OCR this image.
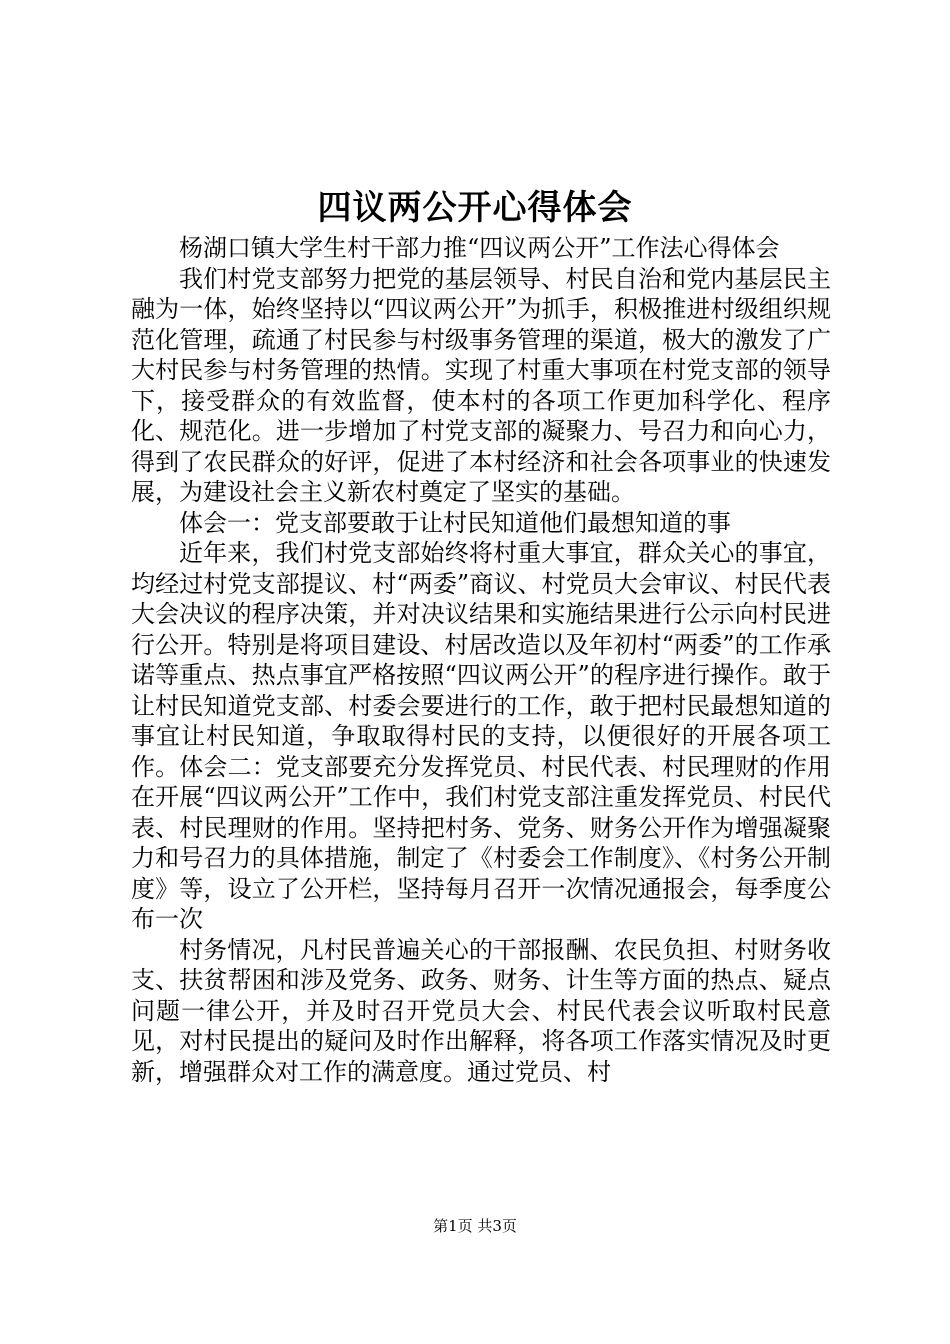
四议两公开心得体会

杨湖口镇大学生村干部力推“四议两公开”工作法心得体会

我们村党支部努力把党的基层领导、村民自治和党内基层民主融为一体，始终坚持以“四议两公开”为抓手，积极推进村级组织规范化管理，疏通了村民参与村级事务管理的渠道，极大的激发了广大村民参与村务管理的热情。实现了村重大事项在村党支部的领导下，接受群众的有效监督，使本村的各项工作更加科学化、程序化、规范化。进一步增加了村党支部的凝聚力、号召力和向心力，得到了农民群众的好评，促进了本村经济和社会各项事业的快速发展，为建设社会主义新农村奠定了坚实的基础。

体会一：党支部要敢于让村民知道他们最想知道的事

近年来，我们村党支部始终将村重大事宜，群众关心的事宜，均经过村党支部提议、村“两委”商议、村党员大会审议、村民代表大会决议的程序决策，并对决议结果和实施结果进行公示向村民进行公开。特别是将项目建设、村居改造以及年初村“两委”的工作承诺等重点、热点事宜严格按照“四议两公开”的程序进行操作。敢于让村民知道党支部、村委会要进行的工作，敢于把村民最想知道的事宜让村民知道，争取取得村民的支持，以便很好的开展各项工作。体会二：党支部要充分发挥党员、村民代表、村民理财的作用在开展“四议两公开”工作中，我们村党支部注重发挥党员、村民代表、村民理财的作用。坚持把村务、党务、财务公开作为增强凝聚力和号召力的具体措施，制定了《村委会工作制度》、《村务公开制度》等，设立了公开栏，坚持每月召开一次情况通报会，每季度公布一次

村务情况，凡村民普遍关心的干部报酬、农民负担、村财务收支、扶贫帮困和涉及党务、政务、财务、计生等方面的热点、疑点问题一律公开，并及时召开党员大会、村民代表会议听取村民意见，对村民提出的疑问及时作出解释，将各项工作落实情况及时更新，增强群众对工作的满意度。通过党员、村

第1页 共3页
